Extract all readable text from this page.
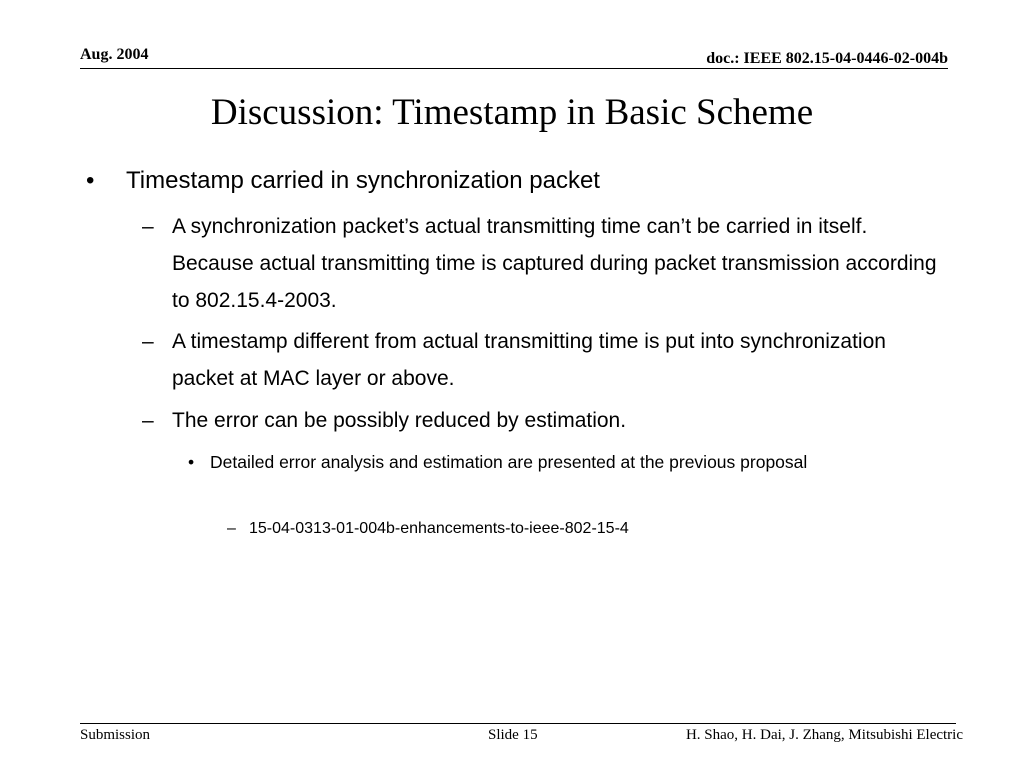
Aug. 2004	doc.: IEEE 802.15-04-0446-02-004b
Discussion: Timestamp in Basic Scheme
• Timestamp carried in synchronization packet
– A synchronization packet’s actual transmitting time can’t be carried in itself. Because actual transmitting time is captured during packet transmission according to 802.15.4-2003.
– A timestamp different from actual transmitting time is put into synchronization packet at MAC layer or above.
– The error can be possibly reduced by estimation.
• Detailed error analysis and estimation are presented at the previous proposal
– 15-04-0313-01-004b-enhancements-to-ieee-802-15-4
Submission	Slide 15	H. Shao, H. Dai, J. Zhang, Mitsubishi Electric
